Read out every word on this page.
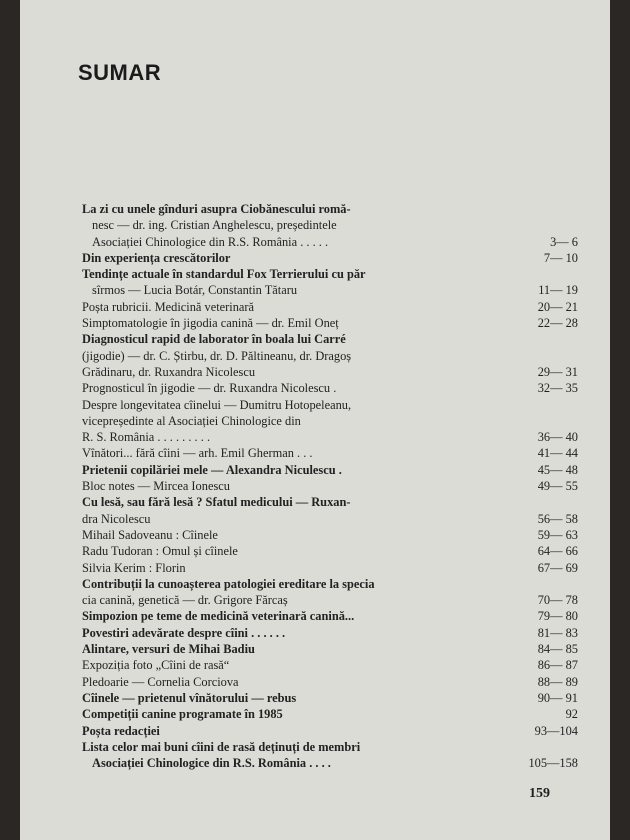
SUMAR
La zi cu unele gînduri asupra Ciobănescului romă-
nesc — dr. ing. Cristian Anghelescu, președintele
Asociației Chinologice din R.S. România . . . . .	3— 6
Din experiența crescătorilor	7— 10
Tendințe actuale în standardul Fox Terrierului cu păr
sîrmos — Lucia Botár, Constantin Tătaru	11— 19
Poșta rubricii. Medicină veterinară	20— 21
Simptomatologie în jigodia canină — dr. Emil Oneț	22— 28
Diagnosticul rapid de laborator în boala lui Carré
(jigodie) — dr. C. Știrbu, dr. D. Păltineanu, dr. Dragoș
Grădinaru, dr. Ruxandra Nicolescu	29— 31
Prognosticul în jigodie — dr. Ruxandra Nicolescu .	32— 35
Despre longevitatea cîinelui — Dumitru Hotopeleanu,
vicepreședinte al Asociației Chinologice din
R. S. România . . . . . . . . .	36— 40
Vînători... fără cîini — arh. Emil Gherman . . .	41— 44
Prietenii copilăriei mele — Alexandra Niculescu .	45— 48
Bloc notes — Mircea Ionescu	49— 55
Cu lesă, sau fără lesă ? Sfatul medicului — Ruxan-
dra Nicolescu	56— 58
Mihail Sadoveanu : Cîinele	59— 63
Radu Tudoran : Omul și cîinele	64— 66
Silvia Kerim : Florin	67— 69
Contribuții la cunoașterea patologiei ereditare la specia
cia canină, genetică — dr. Grigore Fărcaș	70— 78
Simpozion pe teme de medicină veterinară canină...	79— 80
Povestiri adevărate despre cîini . . . . . .	81— 83
Alintare, versuri de Mihai Badiu	84— 85
Expoziția foto „Cîini de rasă“	86— 87
Pledoarie — Cornelia Corciova	88— 89
Cîinele — prietenul vînătorului — rebus	90— 91
Competiții canine programate în 1985	92
Poșta redacției	93—104
Lista celor mai buni cîini de rasă deținuți de membri
Asociației Chinologice din R.S. România . . . .	105—158
159
